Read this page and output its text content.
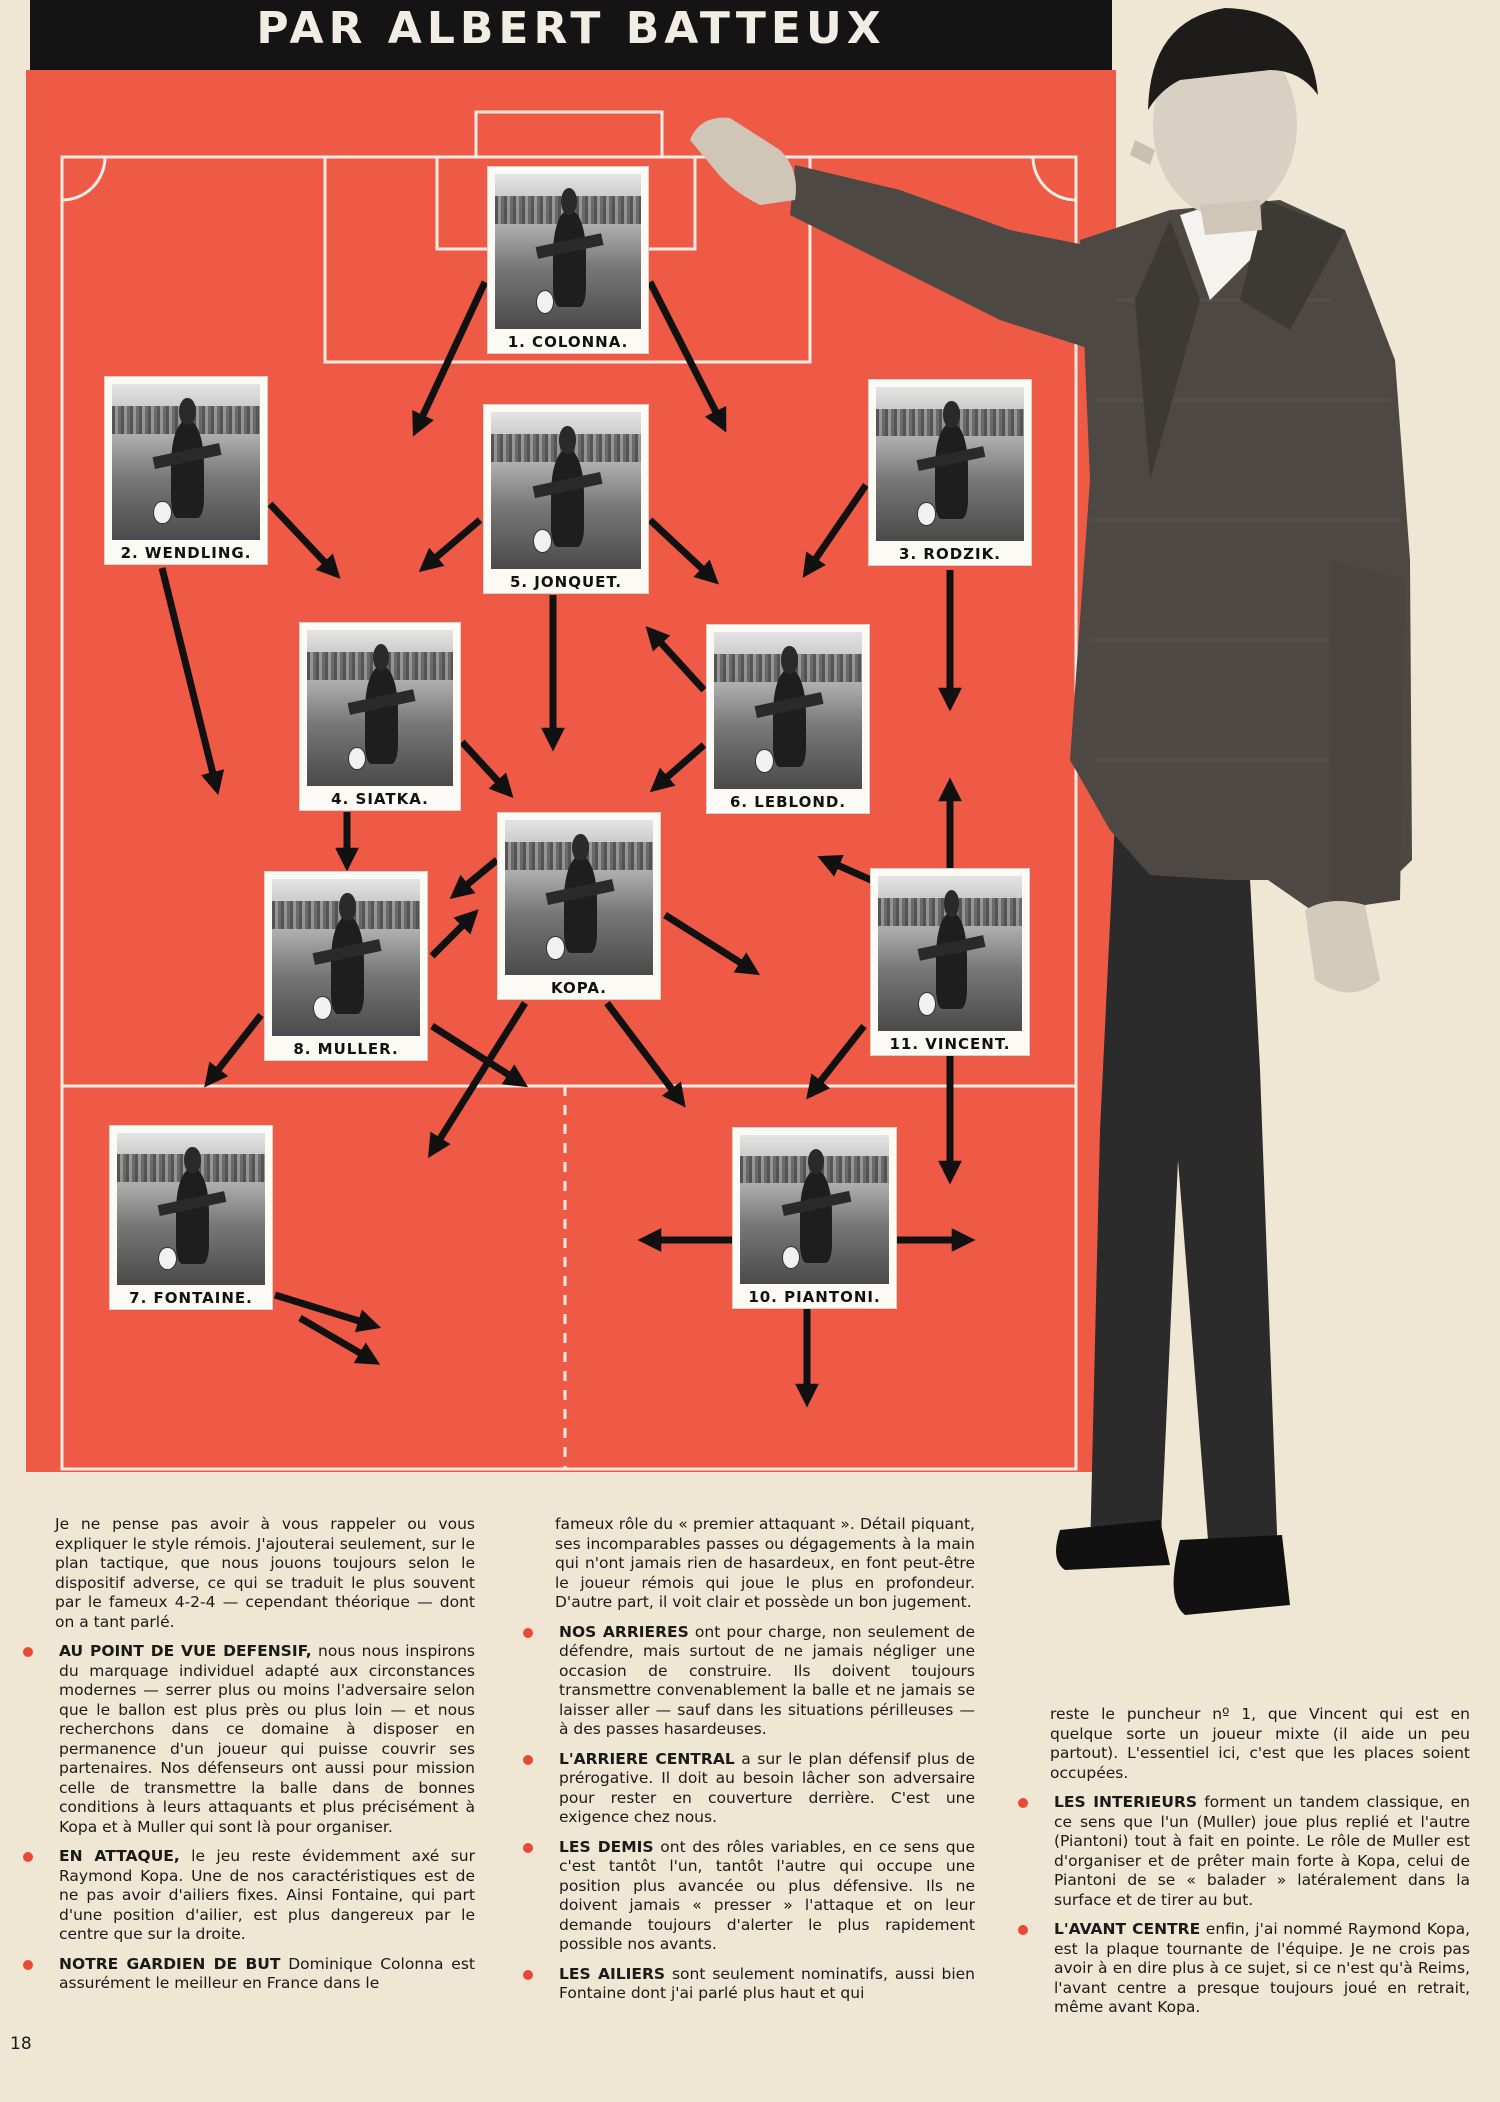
PAR ALBERT BATTEUX
1. COLONNA.
2. WENDLING.	3. RODZIK.
4. SIATKA.
5. JONQUET.
6. LEBLOND.
7. FONTAINE.
8. MULLER.
KOPA.
10. PIANTONI.
11. VINCENT.

Je ne pense pas avoir à vous rappeler ou vous expliquer le style rémois. J'ajouterai seulement, sur le plan tactique, que nous jouons toujours selon le dispositif adverse, ce qui se traduit le plus souvent par le fameux 4-2-4 — cependant théorique — dont on a tant parlé.

AU POINT DE VUE DEFENSIF, nous nous inspirons du marquage individuel adapté aux circonstances modernes — serrer plus ou moins l'adversaire selon que le ballon est plus près ou plus loin — et nous recherchons dans ce domaine à disposer en permanence d'un joueur qui puisse couvrir ses partenaires. Nos défenseurs ont aussi pour mission celle de transmettre la balle dans de bonnes conditions à leurs attaquants et plus précisément à Kopa et à Muller qui sont là pour organiser.

EN ATTAQUE, le jeu reste évidemment axé sur Raymond Kopa. Une de nos caractéristiques est de ne pas avoir d'ailiers fixes. Ainsi Fontaine, qui part d'une position d'ailier, est plus dangereux par le centre que sur la droite.

NOTRE GARDIEN DE BUT Dominique Colonna est assurément le meilleur en France dans le

fameux rôle du « premier attaquant ». Détail piquant, ses incomparables passes ou dégagements à la main qui n'ont jamais rien de hasardeux, en font peut-être le joueur rémois qui joue le plus en profondeur. D'autre part, il voit clair et possède un bon jugement.

NOS ARRIERES ont pour charge, non seulement de défendre, mais surtout de ne jamais négliger une occasion de construire. Ils doivent toujours transmettre convenablement la balle et ne jamais se laisser aller — sauf dans les situations périlleuses — à des passes hasardeuses.

L'ARRIERE CENTRAL a sur le plan défensif plus de prérogative. Il doit au besoin lâcher son adversaire pour rester en couverture derrière. C'est une exigence chez nous.

LES DEMIS ont des rôles variables, en ce sens que c'est tantôt l'un, tantôt l'autre qui occupe une position plus avancée ou plus défensive. Ils ne doivent jamais « presser » l'attaque et on leur demande toujours d'alerter le plus rapidement possible nos avants.

LES AILIERS sont seulement nominatifs, aussi bien Fontaine dont j'ai parlé plus haut et qui

reste le puncheur nº 1, que Vincent qui est en quelque sorte un joueur mixte (il aide un peu partout). L'essentiel ici, c'est que les places soient occupées.

LES INTERIEURS forment un tandem classique, en ce sens que l'un (Muller) joue plus replié et l'autre (Piantoni) tout à fait en pointe. Le rôle de Muller est d'organiser et de prêter main forte à Kopa, celui de Piantoni de se « balader » latéralement dans la surface et de tirer au but.

L'AVANT CENTRE enfin, j'ai nommé Raymond Kopa, est la plaque tournante de l'équipe. Je ne crois pas avoir à en dire plus à ce sujet, si ce n'est qu'à Reims, l'avant centre a presque toujours joué en retrait, même avant Kopa.

18
